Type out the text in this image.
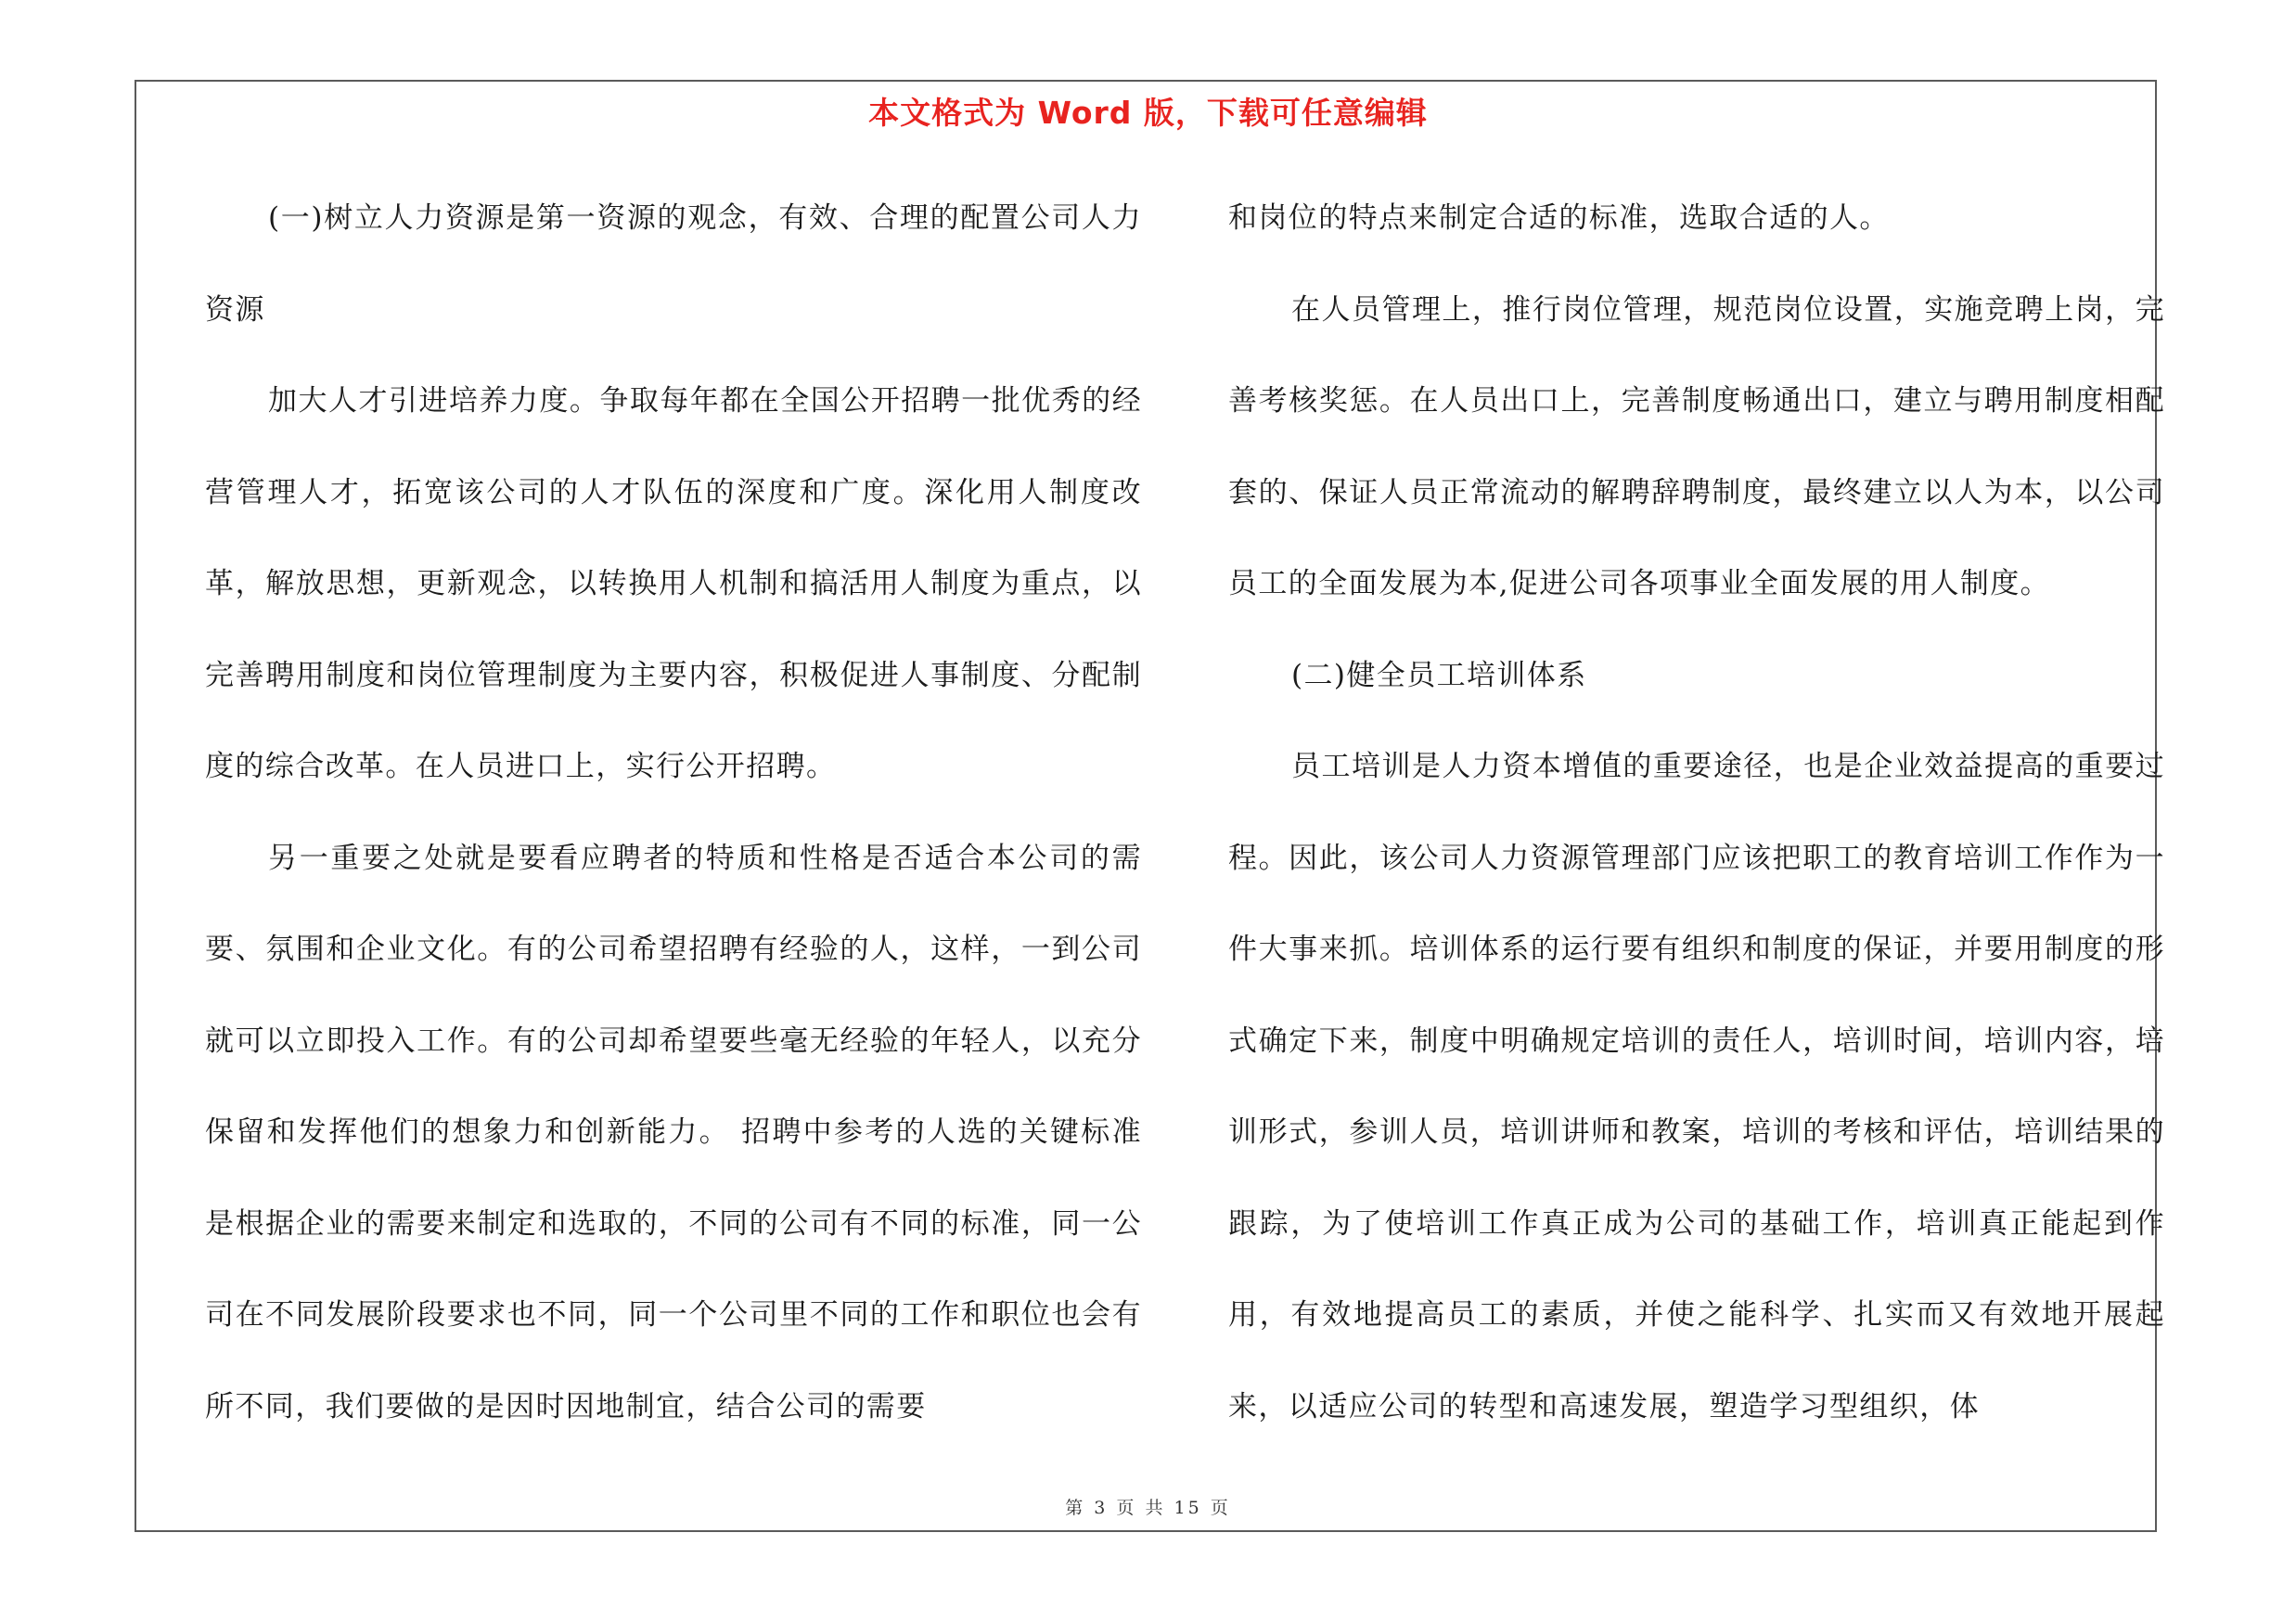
本文格式为 Word 版，下载可任意编辑

(一)树立人力资源是第一资源的观念，有效、合理的配置公司人力资源

加大人才引进培养力度。争取每年都在全国公开招聘一批优秀的经营管理人才，拓宽该公司的人才队伍的深度和广度。深化用人制度改革，解放思想，更新观念，以转换用人机制和搞活用人制度为重点，以完善聘用制度和岗位管理制度为主要内容，积极促进人事制度、分配制度的综合改革。在人员进口上，实行公开招聘。

另一重要之处就是要看应聘者的特质和性格是否适合本公司的需要、氛围和企业文化。有的公司希望招聘有经验的人，这样，一到公司就可以立即投入工作。有的公司却希望要些毫无经验的年轻人，以充分保留和发挥他们的想象力和创新能力。 招聘中参考的人选的关键标准是根据企业的需要来制定和选取的，不同的公司有不同的标准，同一公司在不同发展阶段要求也不同，同一个公司里不同的工作和职位也会有所不同，我们要做的是因时因地制宜，结合公司的需要

和岗位的特点来制定合适的标准，选取合适的人。

在人员管理上，推行岗位管理，规范岗位设置，实施竞聘上岗，完善考核奖惩。在人员出口上，完善制度畅通出口，建立与聘用制度相配套的、保证人员正常流动的解聘辞聘制度，最终建立以人为本，以公司员工的全面发展为本,促进公司各项事业全面发展的用人制度。

(二)健全员工培训体系

员工培训是人力资本增值的重要途径，也是企业效益提高的重要过程。因此，该公司人力资源管理部门应该把职工的教育培训工作作为一件大事来抓。培训体系的运行要有组织和制度的保证，并要用制度的形式确定下来，制度中明确规定培训的责任人，培训时间，培训内容，培训形式，参训人员，培训讲师和教案，培训的考核和评估，培训结果的跟踪，为了使培训工作真正成为公司的基础工作，培训真正能起到作用，有效地提高员工的素质，并使之能科学、扎实而又有效地开展起来，以适应公司的转型和高速发展，塑造学习型组织，体

第 3 页 共 15 页
